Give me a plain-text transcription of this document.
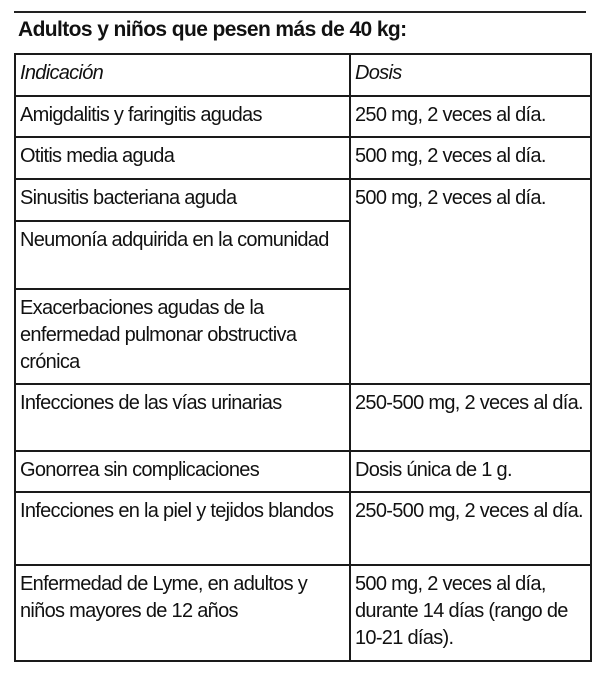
Adultos y niños que pesen más de 40 kg:
Indicación	Dosis
Amigdalitis y faringitis agudas	250 mg, 2 veces al día.
Otitis media aguda	500 mg, 2 veces al día.
Sinusitis bacteriana aguda	500 mg, 2 veces al día.
Neumonía adquirida en la comunidad	
Exacerbaciones agudas de la enfermedad pulmonar obstructiva crónica	
Infecciones de las vías urinarias	250-500 mg, 2 veces al día.
Gonorrea sin complicaciones	Dosis única de 1 g.
Infecciones en la piel y tejidos blandos	250-500 mg, 2 veces al día.
Enfermedad de Lyme, en adultos y niños mayores de 12 años	500 mg, 2 veces al día, durante 14 días (rango de 10-21 días).
